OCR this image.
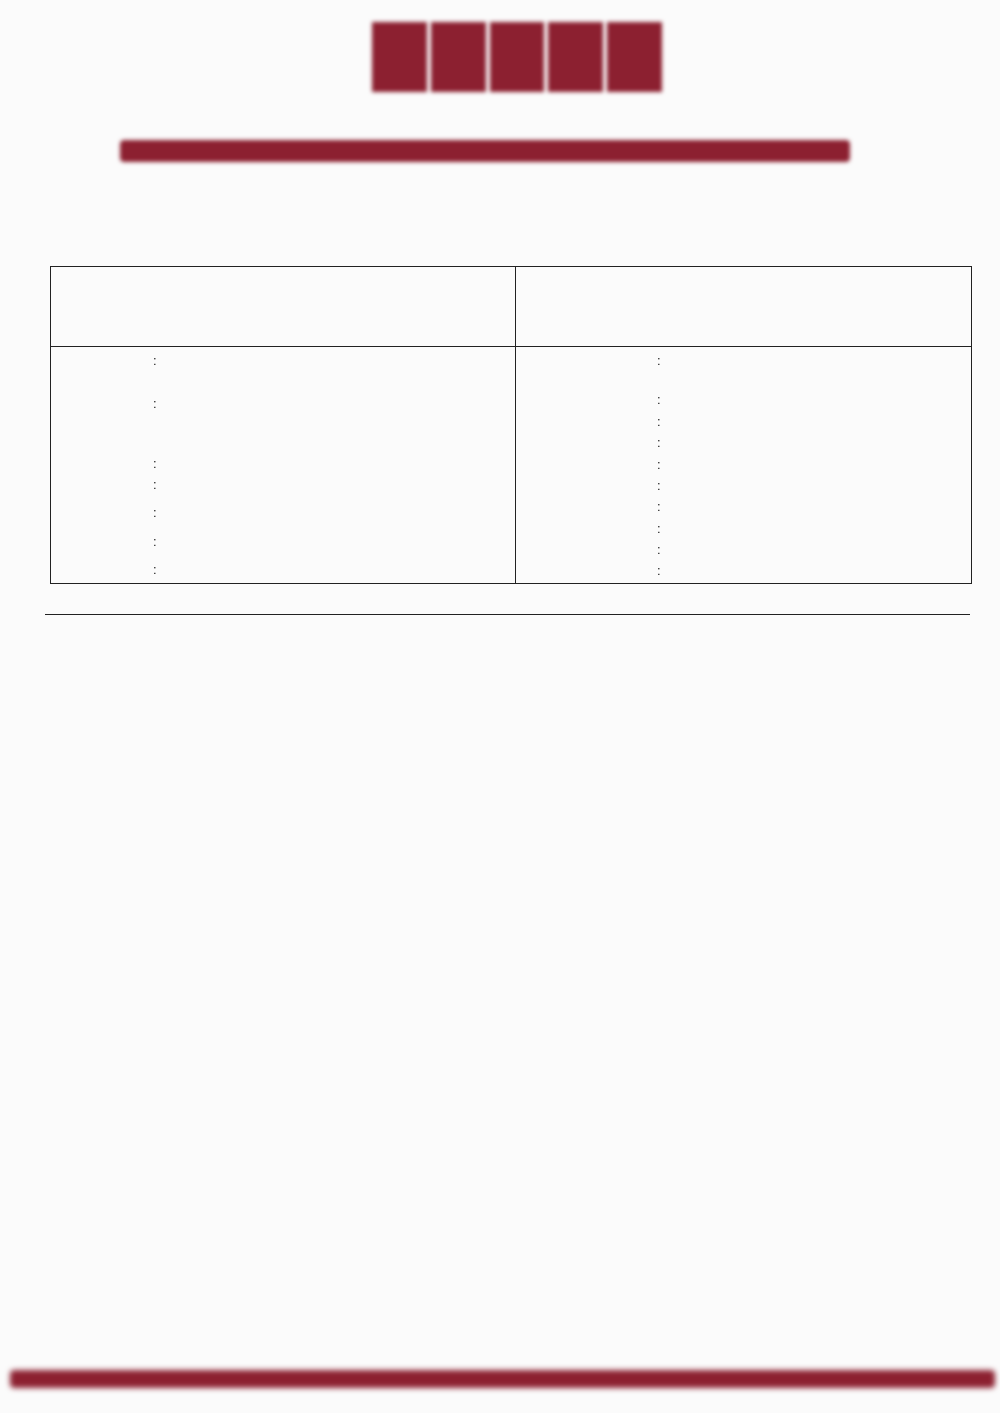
:

:

:
:
:

:
:
:
:
:
:
:
:
:
:
:
:
